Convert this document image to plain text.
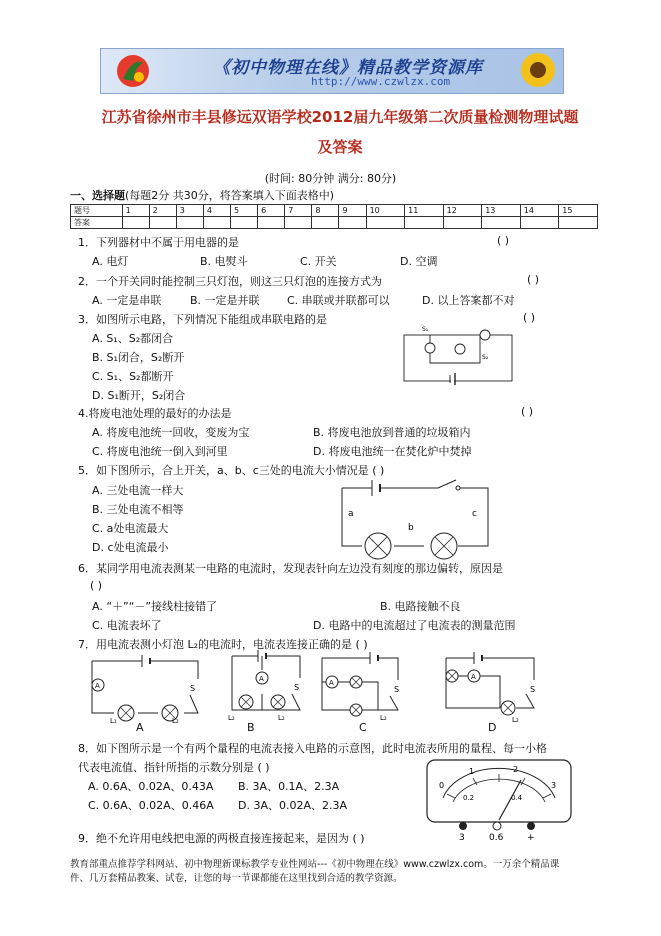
《初中物理在线》精品教学资源库
http://www.czwlzx.com
江苏省徐州市丰县修远双语学校2012届九年级第二次质量检测物理试题
及答案
(时间: 80分钟 满分: 80分)
一、选择题(每题2分 共30分，将答案填入下面表格中)
题号	1	2	3	4	5	6	7	8	9	10	11	12	13	14	15
答案															
1．下列器材中不属于用电器的是	( )
A. 电灯	B. 电熨斗	C. 开关	D. 空调
2．一个开关同时能控制三只灯泡，则这三只灯泡的连接方式为	( )
A. 一定是串联	B. 一定是并联 C. 串联或并联都可以	D. 以上答案都不对
3．如图所示电路，下列情况下能组成串联电路的是	( )
A. S₁、S₂都闭合
B. S₁闭合，S₂断开
C. S₁、S₂都断开
D. S₁断开，S₂闭合
S₁
S₂
4.将废电池处理的最好的办法是	( )
A. 将废电池统一回收，变废为宝	B. 将废电池放到普通的垃圾箱内
C. 将废电池统一倒入到河里	D. 将废电池统一在焚化炉中焚掉
5．如下图所示，合上开关，a、b、c三处的电流大小情况是 ( )
A. 三处电流一样大
B. 三处电流不相等
C. a处电流最大
D. c处电流最小
a
b
c
6．某同学用电流表测某一电路的电流时，发现表针向左边没有刻度的那边偏转，原因是
( )
A. “＋”“－”接线柱接错了	B. 电路接触不良
C. 电流表坏了	D. 电路中的电流超过了电流表的测量范围
7．用电流表测小灯泡 L₂的电流时，电流表连接正确的是 ( )
A	S
L₁	L₂
A
A
S
L₂	L₂
B
A
S
L₂
C
A
S
L₂
D
8．如下图所示是一个有两个量程的电流表接入电路的示意图，此时电流表所用的量程、每一小格
代表电流值、指针所指的示数分别是 ( )
A. 0.6A、0.02A、0.43A B. 3A、0.1A、2.3A
C. 0.6A、0.02A、0.46A D. 3A、0.02A、2.3A
0
1	2
3
0.2	0.4
3	0.6	+
9．绝不允许用电线把电源的两极直接连接起来，是因为 ( )
教育部重点推荐学科网站、初中物理新课标教学专业性网站---《初中物理在线》www.czwlzx.com。一万余个精品课
件、几万套精品教案、试卷，让您的每一节课都能在这里找到合适的教学资源。
